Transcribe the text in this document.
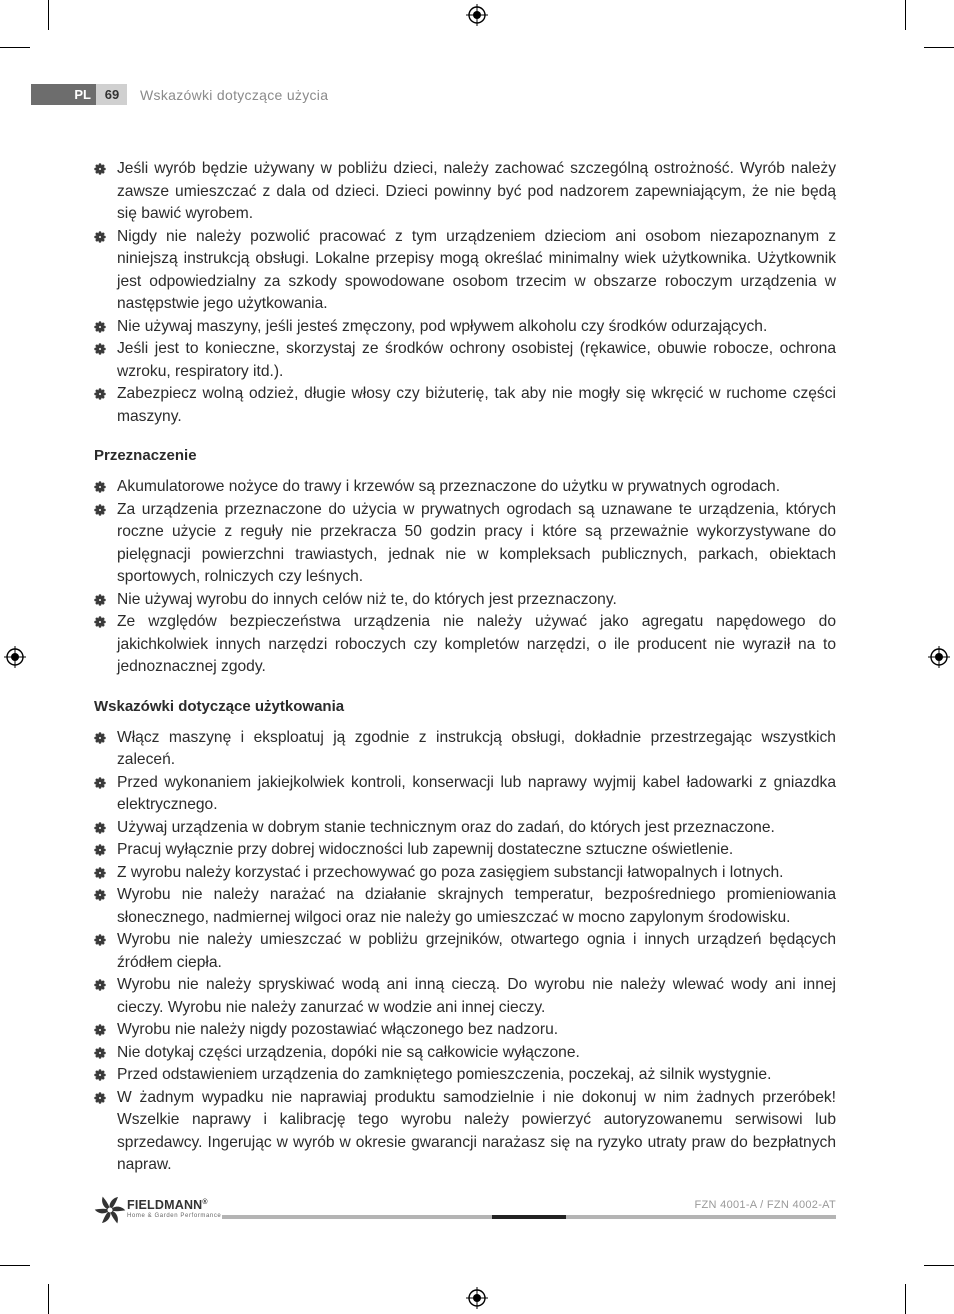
PL	69	Wskazówki dotyczące użycia
Jeśli wyrób będzie używany w pobliżu dzieci, należy zachować szczególną ostrożność. Wyrób należy zawsze umieszczać z dala od dzieci. Dzieci powinny być pod nadzorem zapewniającym, że nie będą się bawić wyrobem.
Nigdy nie należy pozwolić pracować z tym urządzeniem dzieciom ani osobom niezapoznanym z niniejszą instrukcją obsługi. Lokalne przepisy mogą określać minimalny wiek użytkownika. Użytkownik jest odpowiedzialny za szkody spowodowane osobom trzecim w obszarze roboczym urządzenia w następstwie jego użytkowania.
Nie używaj maszyny, jeśli jesteś zmęczony, pod wpływem alkoholu czy środków odurzających.
Jeśli jest to konieczne, skorzystaj ze środków ochrony osobistej (rękawice, obuwie robocze, ochrona wzroku, respiratory itd.).
Zabezpiecz wolną odzież, długie włosy czy biżuterię, tak aby nie mogły się wkręcić w ruchome części maszyny.
Przeznaczenie
Akumulatorowe nożyce do trawy i krzewów są przeznaczone do użytku w prywatnych ogrodach.
Za urządzenia przeznaczone do użycia w prywatnych ogrodach są uznawane te urządzenia, których roczne użycie z reguły nie przekracza 50 godzin pracy i które są przeważnie wykorzystywane do pielęgnacji powierzchni trawiastych, jednak nie w kompleksach publicznych, parkach, obiektach sportowych, rolniczych czy leśnych.
Nie używaj wyrobu do innych celów niż te, do których jest przeznaczony.
Ze względów bezpieczeństwa urządzenia nie należy używać jako agregatu napędowego do jakichkolwiek innych narzędzi roboczych czy kompletów narzędzi, o ile producent nie wyraził na to jednoznacznej zgody.
Wskazówki dotyczące użytkowania
Włącz maszynę i eksploatuj ją zgodnie z instrukcją obsługi, dokładnie przestrzegając wszystkich zaleceń.
Przed wykonaniem jakiejkolwiek kontroli, konserwacji lub naprawy wyjmij kabel ładowarki z gniazdka elektrycznego.
Używaj urządzenia w dobrym stanie technicznym oraz do zadań, do których jest przeznaczone.
Pracuj wyłącznie przy dobrej widoczności lub zapewnij dostateczne sztuczne oświetlenie.
Z wyrobu należy korzystać i przechowywać go poza zasięgiem substancji łatwopalnych i lotnych.
Wyrobu nie należy narażać na działanie skrajnych temperatur, bezpośredniego promieniowania słonecznego, nadmiernej wilgoci oraz nie należy go umieszczać w mocno zapylonym środowisku.
Wyrobu nie należy umieszczać w pobliżu grzejników, otwartego ognia i innych urządzeń będących źródłem ciepła.
Wyrobu nie należy spryskiwać wodą ani inną cieczą. Do wyrobu nie należy wlewać wody ani innej cieczy. Wyrobu nie należy zanurzać w wodzie ani innej cieczy.
Wyrobu nie należy nigdy pozostawiać włączonego bez nadzoru.
Nie dotykaj części urządzenia, dopóki nie są całkowicie wyłączone.
Przed odstawieniem urządzenia do zamkniętego pomieszczenia, poczekaj, aż silnik wystygnie.
W żadnym wypadku nie naprawiaj produktu samodzielnie i nie dokonuj w nim żadnych przeróbek! Wszelkie naprawy i kalibrację tego wyrobu należy powierzyć autoryzowanemu serwisowi lub sprzedawcy. Ingerując w wyrób w okresie gwarancji narażasz się na ryzyko utraty praw do bezpłatnych napraw.
FIELDMANN®
Home & Garden Performance
FZN 4001-A / FZN 4002-AT
